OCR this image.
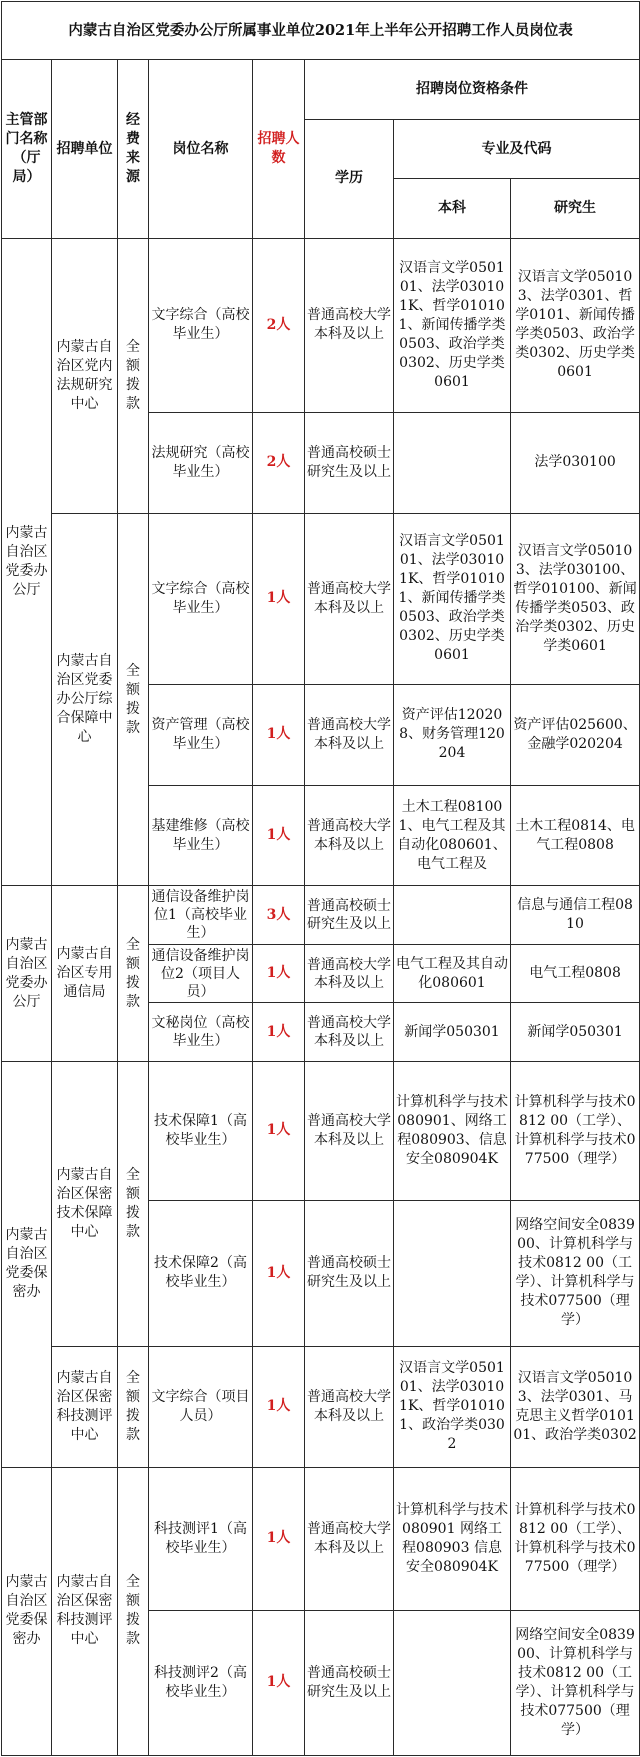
内蒙古自治区党委办公厅所属事业单位2021年上半年公开招聘工作人员岗位表							
主管部门名称（厅局）	招聘单位	经费来源	岗位名称	招聘人数	招聘岗位资格条件		
					学历	专业及代码	
						本科	研究生
内蒙古自治区党委办公厅	内蒙古自治区党内法规研究中心	全额拨款	文字综合（高校毕业生）	2人	普通高校大学本科及以上	汉语言文学050101、法学030101K、哲学010101、新闻传播学类0503、政治学类0302、历史学类0601	汉语言文学050103、法学0301、哲学0101、新闻传播学类0503、政治学类0302、历史学类0601
			法规研究（高校毕业生）	2人	普通高校硕士研究生及以上		法学030100
	内蒙古自治区党委办公厅综合保障中心	全额拨款	文字综合（高校毕业生）	1人	普通高校大学本科及以上	汉语言文学050101、法学030101K、哲学010101、新闻传播学类0503、政治学类0302、历史学类0601	汉语言文学050103、法学030100、哲学010100、新闻传播学类0503、政治学类0302、历史学类0601
			资产管理（高校毕业生）	1人	普通高校大学本科及以上	资产评估120208、财务管理120204	资产评估025600、金融学020204
			基建维修（高校毕业生）	1人	普通高校大学本科及以上	土木工程081001、电气工程及其自动化080601、电气工程及	土木工程0814、电气工程0808
内蒙古自治区党委办公厅	内蒙古自治区专用通信局	全额拨款	通信设备维护岗位1（高校毕业生）	3人	普通高校硕士研究生及以上		信息与通信工程0810
			通信设备维护岗位2（项目人员）	1人	普通高校大学本科及以上	电气工程及其自动化080601	电气工程0808
			文秘岗位（高校毕业生）	1人	普通高校大学本科及以上	新闻学050301	新闻学050301
内蒙古自治区党委保密办	内蒙古自治区保密技术保障中心	全额拨款	技术保障1（高校毕业生）	1人	普通高校大学本科及以上	计算机科学与技术080901、网络工程080903、信息安全080904K	计算机科学与技术0812 00（工学）、计算机科学与技术077500（理学）
			技术保障2（高校毕业生）	1人	普通高校硕士 研究生及以上		网络空间安全083900、计算机科学与技术0812 00（工学）、计算机科学与技术077500（理学）
	内蒙古自治区保密科技测评中心	全额拨款	文字综合（项目人员）	1人	普通高校大学本科及以上	汉语言文学050101、法学030101K、哲学010101、政治学类0302	汉语言文学050103、法学0301、马克思主义哲学010101、政治学类0302
内蒙古自治区党委保密办	内蒙古自治区保密科技测评中心	全额拨款	科技测评1（高校毕业生）	1人	普通高校大学本科及以上	计算机科学与技术080901 网络工程080903 信息安全080904K	计算机科学与技术0812 00（工学）、计算机科学与技术077500（理学）
			科技测评2（高校毕业生）	1人	普通高校硕士研究生及以上		网络空间安全083900、计算机科学与技术0812 00（工学）、计算机科学与技术077500（理学）
